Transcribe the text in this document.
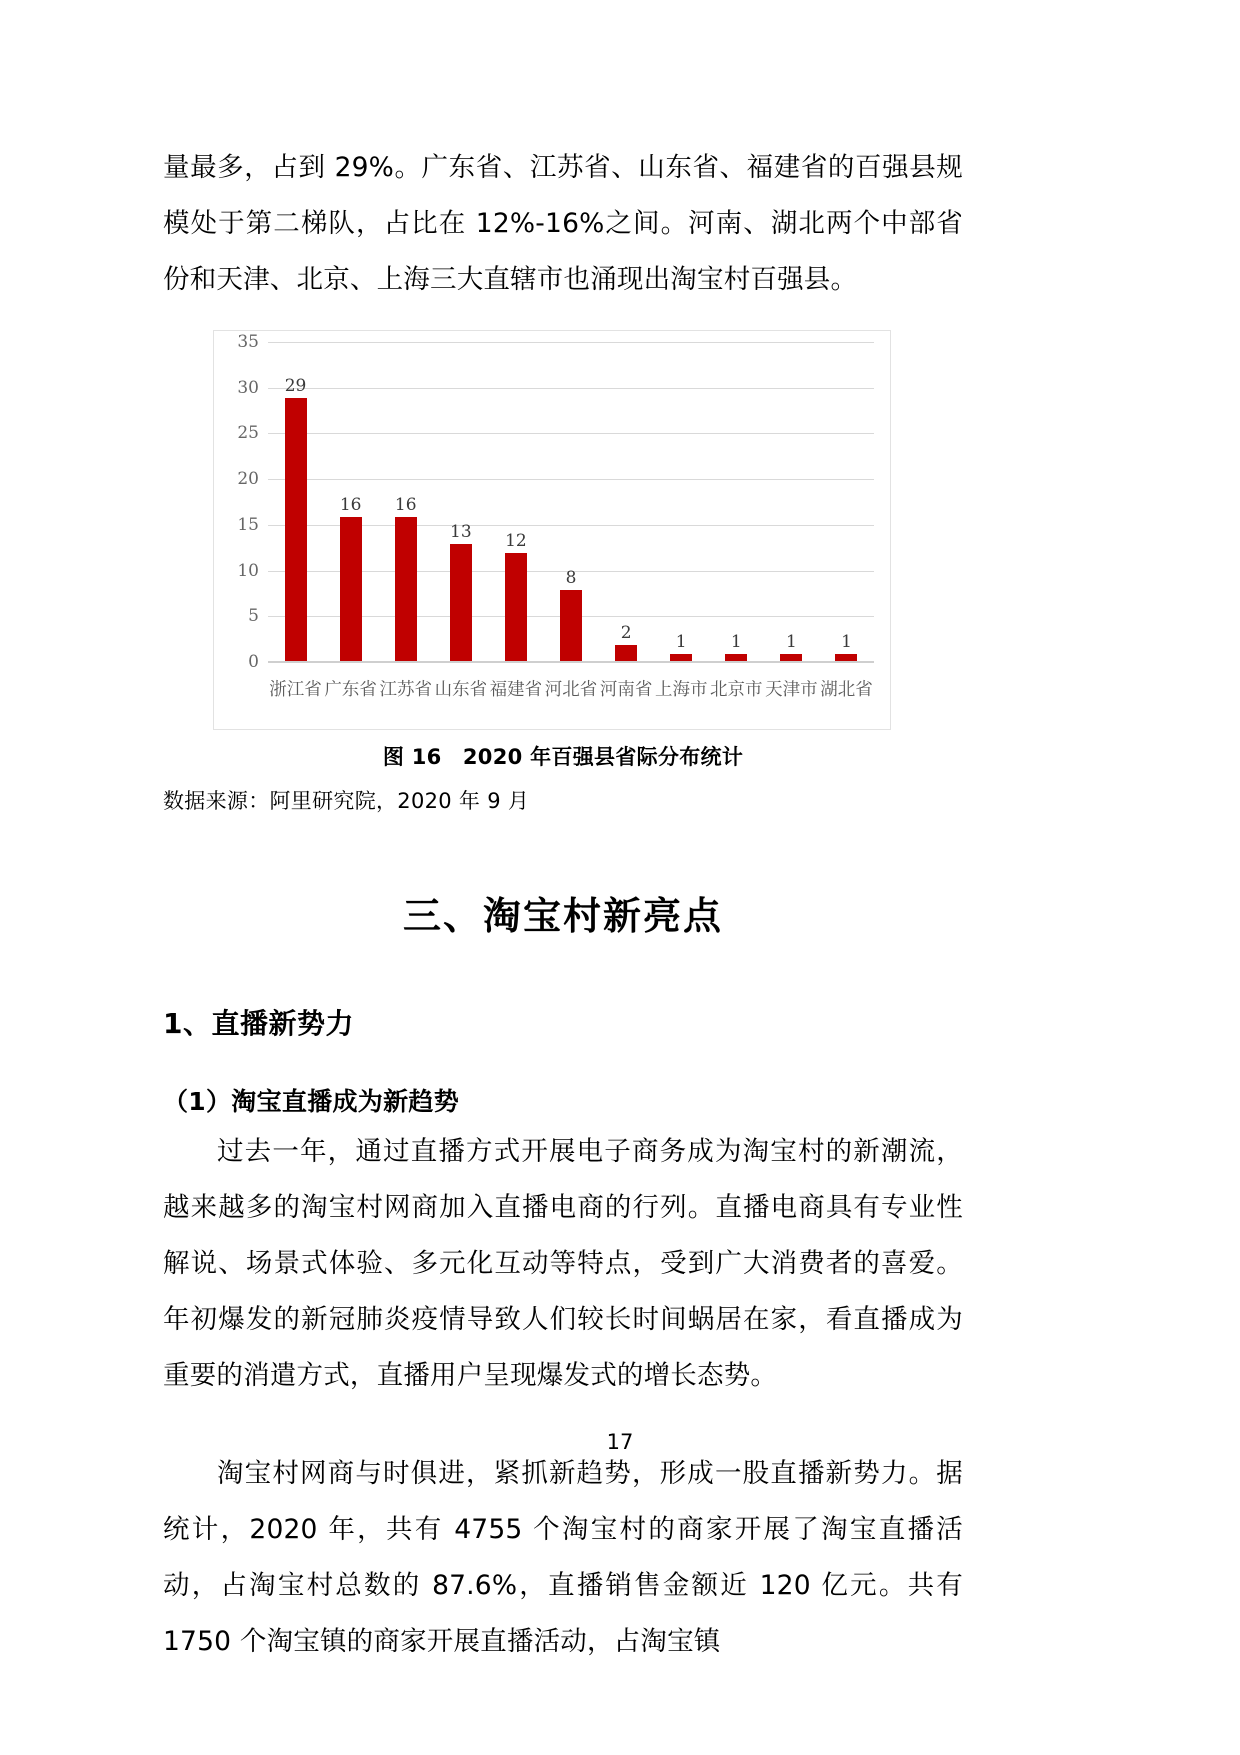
量最多，占到 29%。广东省、江苏省、山东省、福建省的百强县规模处于第二梯队，占比在 12%-16%之间。河南、湖北两个中部省份和天津、北京、上海三大直辖市也涌现出淘宝村百强县。

0
5
10
15
20
25
30
35
29
16 16
13 12
8
2	1	1	1	1
浙江省 广东省 江苏省 山东省 福建省 河北省 河南省 上海市 北京市 天津市 湖北省
图 16　2020 年百强县省际分布统计
数据来源：阿里研究院，2020 年 9 月
三、淘宝村新亮点
1、直播新势力
（1）淘宝直播成为新趋势

过去一年，通过直播方式开展电子商务成为淘宝村的新潮流，越来越多的淘宝村网商加入直播电商的行列。直播电商具有专业性解说、场景式体验、多元化互动等特点，受到广大消费者的喜爱。年初爆发的新冠肺炎疫情导致人们较长时间蜗居在家，看直播成为重要的消遣方式，直播用户呈现爆发式的增长态势。

淘宝村网商与时俱进，紧抓新趋势，形成一股直播新势力。据统计，2020 年，共有 4755 个淘宝村的商家开展了淘宝直播活动，占淘宝村总数的 87.6%，直播销售金额近 120 亿元。共有 1750 个淘宝镇的商家开展直播活动，占淘宝镇

17
